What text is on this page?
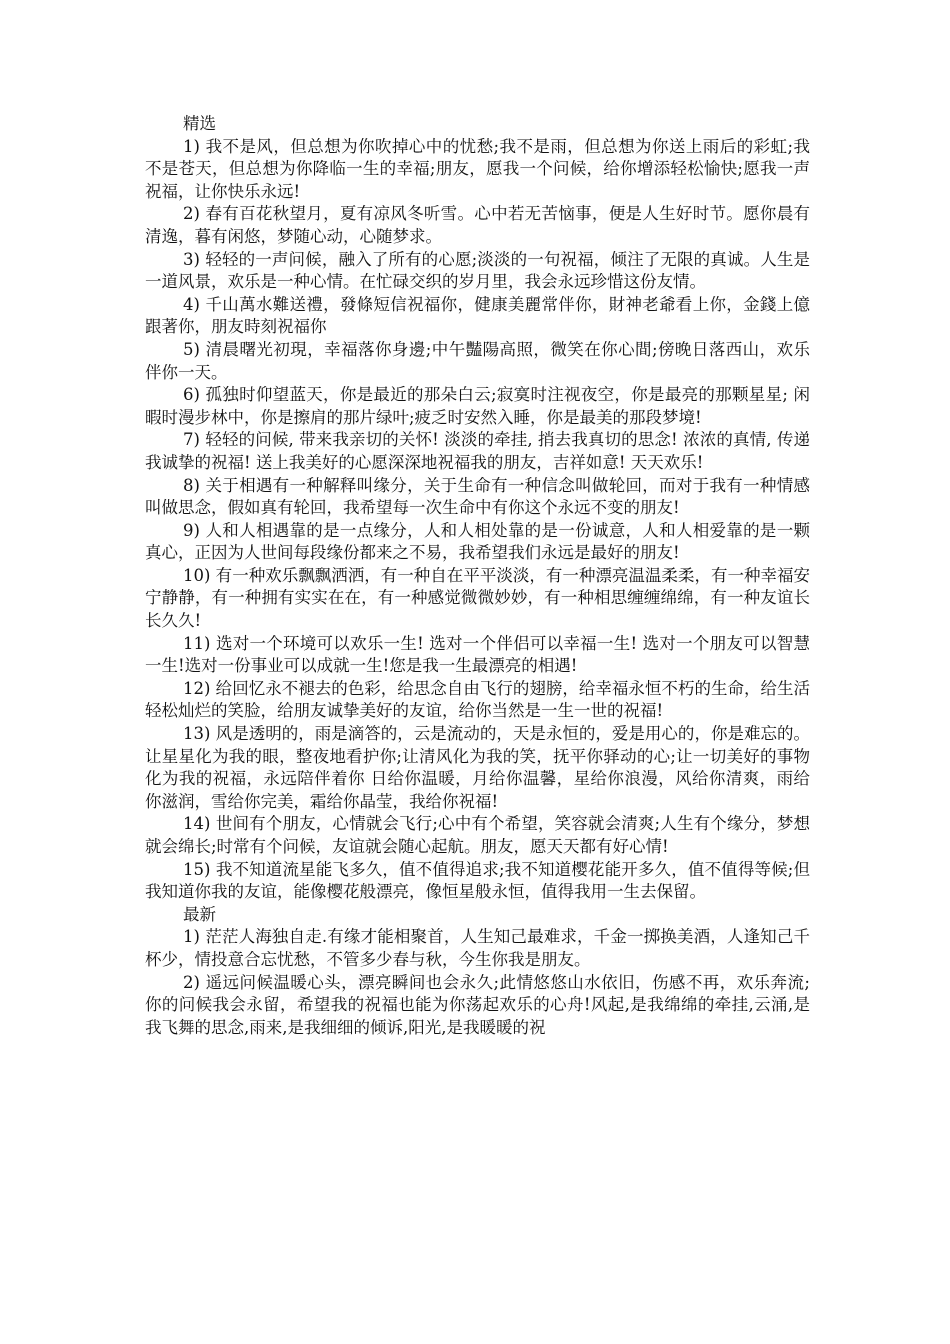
精选

1) 我不是风，但总想为你吹掉心中的忧愁;我不是雨，但总想为你送上雨后的彩虹;我不是苍天，但总想为你降临一生的幸福;朋友，愿我一个问候，给你增添轻松愉快;愿我一声祝福，让你快乐永远!

2) 春有百花秋望月，夏有凉风冬听雪。心中若无苦恼事，便是人生好时节。愿你晨有清逸，暮有闲悠，梦随心动，心随梦求。

3) 轻轻的一声问候，融入了所有的心愿;淡淡的一句祝福，倾注了无限的真诚。人生是一道风景，欢乐是一种心情。在忙碌交织的岁月里，我会永远珍惜这份友情。

4) 千山萬水難送禮，發條短信祝福你，健康美麗常伴你，財神老爺看上你，金錢上億跟著你，朋友時刻祝福你

5) 清晨曙光初現，幸福落你身邊;中午豔陽高照，微笑在你心間;傍晚日落西山，欢乐伴你一天。

6) 孤独时仰望蓝天，你是最近的那朵白云;寂寞时注视夜空，你是最亮的那颗星星; 闲暇时漫步林中，你是擦肩的那片绿叶;疲乏时安然入睡，你是最美的那段梦境!

7) 轻轻的问候, 带来我亲切的关怀! 淡淡的牵挂, 捎去我真切的思念! 浓浓的真情, 传递我诚挚的祝福! 送上我美好的心愿深深地祝福我的朋友，吉祥如意! 天天欢乐!

8) 关于相遇有一种解释叫缘分，关于生命有一种信念叫做轮回，而对于我有一种情感叫做思念，假如真有轮回，我希望每一次生命中有你这个永远不变的朋友!

9) 人和人相遇靠的是一点缘分，人和人相处靠的是一份诚意，人和人相爱靠的是一颗真心，正因为人世间每段缘份都来之不易，我希望我们永远是最好的朋友!

10) 有一种欢乐飘飘洒洒，有一种自在平平淡淡，有一种漂亮温温柔柔，有一种幸福安宁静静，有一种拥有实实在在，有一种感觉微微妙妙，有一种相思缠缠绵绵，有一种友谊长长久久!

11) 选对一个环境可以欢乐一生! 选对一个伴侣可以幸福一生! 选对一个朋友可以智慧一生!选对一份事业可以成就一生!您是我一生最漂亮的相遇!

12) 给回忆永不褪去的色彩，给思念自由飞行的翅膀，给幸福永恒不朽的生命，给生活轻松灿烂的笑脸，给朋友诚挚美好的友谊，给你当然是一生一世的祝福!

13) 风是透明的，雨是滴答的，云是流动的，天是永恒的，爱是用心的，你是难忘的。让星星化为我的眼，整夜地看护你;让清风化为我的笑，抚平你驿动的心;让一切美好的事物化为我的祝福，永远陪伴着你 日给你温暖，月给你温馨，星给你浪漫，风给你清爽，雨给你滋润，雪给你完美，霜给你晶莹，我给你祝福!

14) 世间有个朋友，心情就会飞行;心中有个希望，笑容就会清爽;人生有个缘分，梦想就会绵长;时常有个问候，友谊就会随心起航。朋友，愿天天都有好心情!

15) 我不知道流星能飞多久，值不值得追求;我不知道樱花能开多久，值不值得等候;但我知道你我的友谊，能像樱花般漂亮，像恒星般永恒，值得我用一生去保留。

最新

1) 茫茫人海独自走.有缘才能相聚首，人生知己最难求，千金一掷换美酒，人逢知己千杯少，情投意合忘忧愁，不管多少春与秋，今生你我是朋友。

2) 遥远问候温暖心头，漂亮瞬间也会永久;此情悠悠山水依旧，伤感不再，欢乐奔流;你的问候我会永留，希望我的祝福也能为你荡起欢乐的心舟!风起,是我绵绵的牵挂,云涌,是我飞舞的思念,雨来,是我细细的倾诉,阳光,是我暖暖的祝
